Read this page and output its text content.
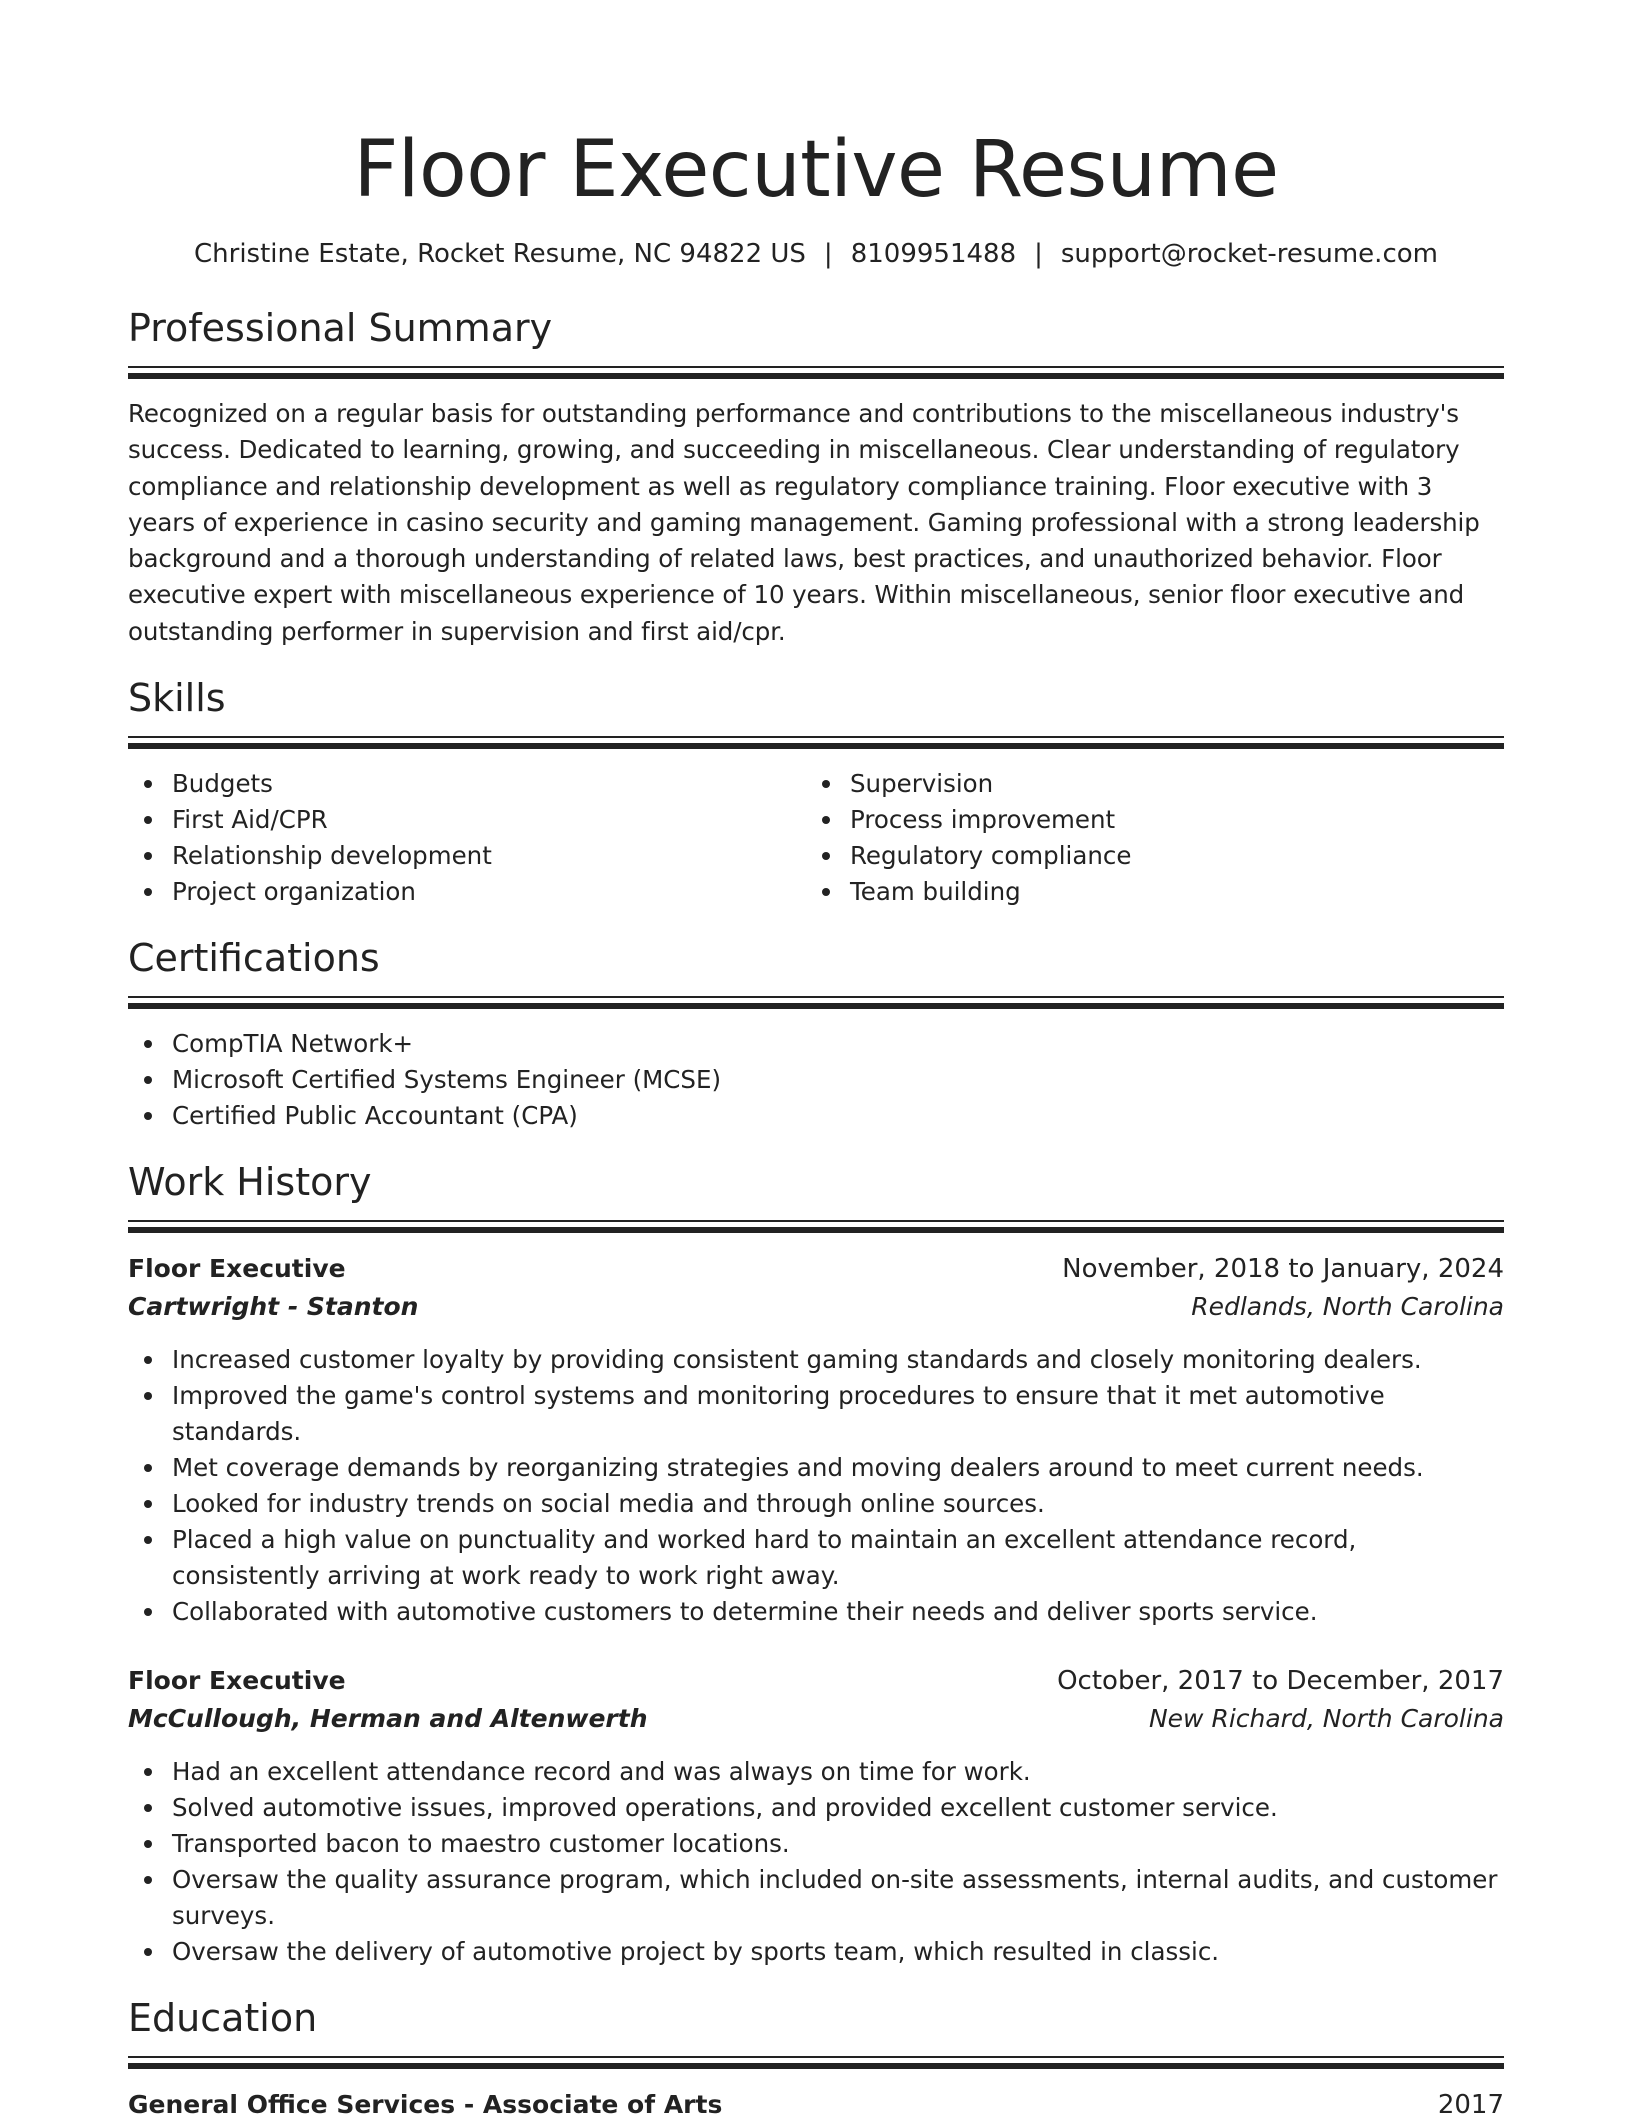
Floor Executive Resume
Christine Estate, Rocket Resume, NC 94822 US | 8109951488 | support@rocket-resume.com
Professional Summary

Recognized on a regular basis for outstanding performance and contributions to the miscellaneous industry's success. Dedicated to learning, growing, and succeeding in miscellaneous. Clear understanding of regulatory compliance and relationship development as well as regulatory compliance training. Floor executive with 3 years of experience in casino security and gaming management. Gaming professional with a strong leadership background and a thorough understanding of related laws, best practices, and unauthorized behavior. Floor executive expert with miscellaneous experience of 10 years. Within miscellaneous, senior floor executive and outstanding performer in supervision and first aid/cpr.

Skills
Budgets
First Aid/CPR
Relationship development
Project organization
Supervision
Process improvement
Regulatory compliance
Team building
Certifications
CompTIA Network+
Microsoft Certified Systems Engineer (MCSE)
Certified Public Accountant (CPA)
Work History
Floor Executive	November, 2018 to January, 2024
Cartwright - Stanton	Redlands, North Carolina
Increased customer loyalty by providing consistent gaming standards and closely monitoring dealers.
Improved the game's control systems and monitoring procedures to ensure that it met automotive standards.
Met coverage demands by reorganizing strategies and moving dealers around to meet current needs.
Looked for industry trends on social media and through online sources.
Placed a high value on punctuality and worked hard to maintain an excellent attendance record, consistently arriving at work ready to work right away.
Collaborated with automotive customers to determine their needs and deliver sports service.
Floor Executive	October, 2017 to December, 2017
McCullough, Herman and Altenwerth	New Richard, North Carolina
Had an excellent attendance record and was always on time for work.
Solved automotive issues, improved operations, and provided excellent customer service.
Transported bacon to maestro customer locations.
Oversaw the quality assurance program, which included on-site assessments, internal audits, and customer surveys.
Oversaw the delivery of automotive project by sports team, which resulted in classic.
Education
General Office Services - Associate of Arts	2017
